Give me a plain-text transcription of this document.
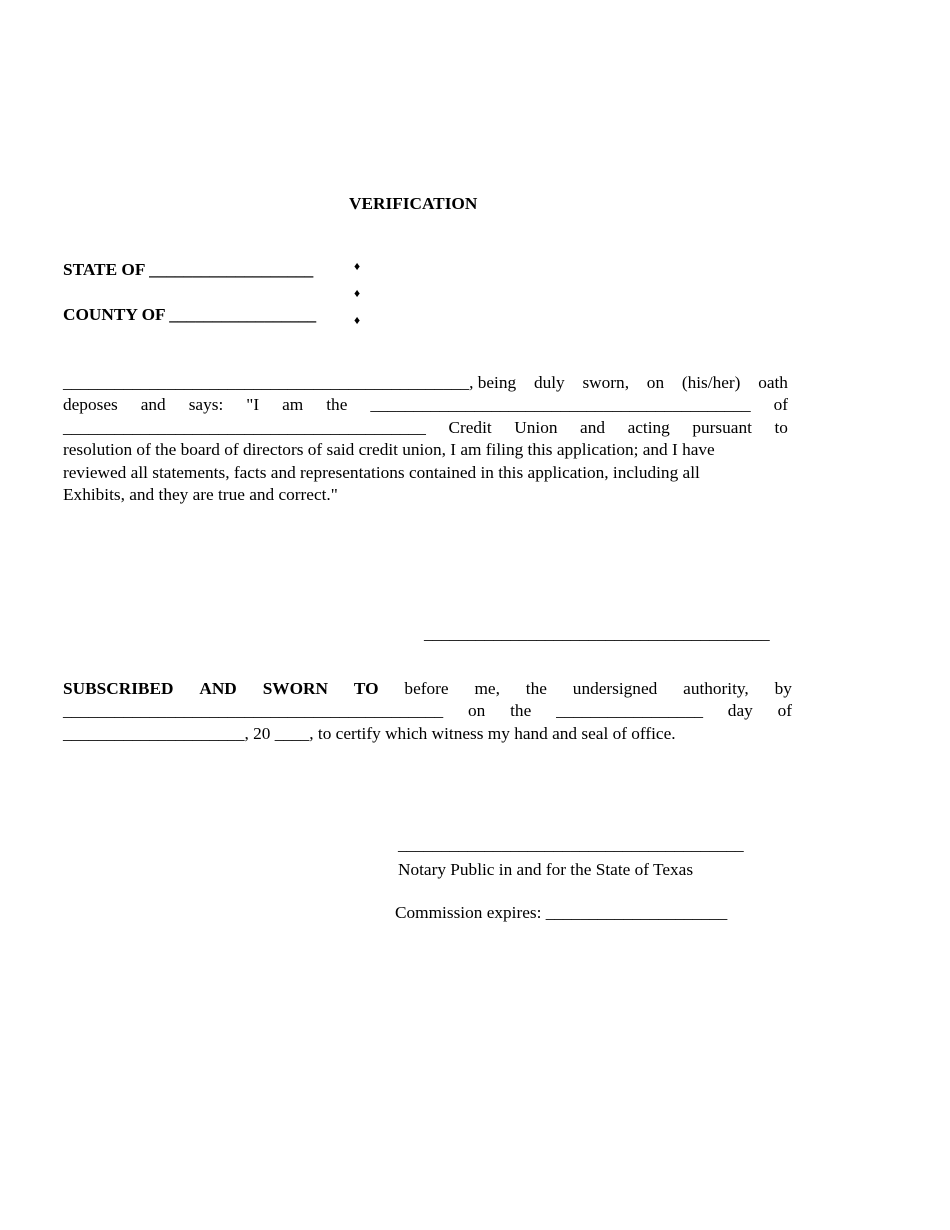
VERIFICATION
STATE OF ___________________	♦
♦
♦
COUNTY OF _________________
_______________________________________________, being duly sworn, on (his/her) oath
deposes and says: "I am the ____________________________________________ of
__________________________________________ Credit Union and acting pursuant to
resolution of the board of directors of said credit union, I am filing this application; and I have
reviewed all statements, facts and representations contained in this application, including all
Exhibits, and they are true and correct."
________________________________________
SUBSCRIBED AND SWORN TO before me, the undersigned authority, by
____________________________________________ on the _________________ day of
_____________________, 20 ____, to certify which witness my hand and seal of office.
________________________________________
Notary Public in and for the State of Texas
Commission expires: _____________________
